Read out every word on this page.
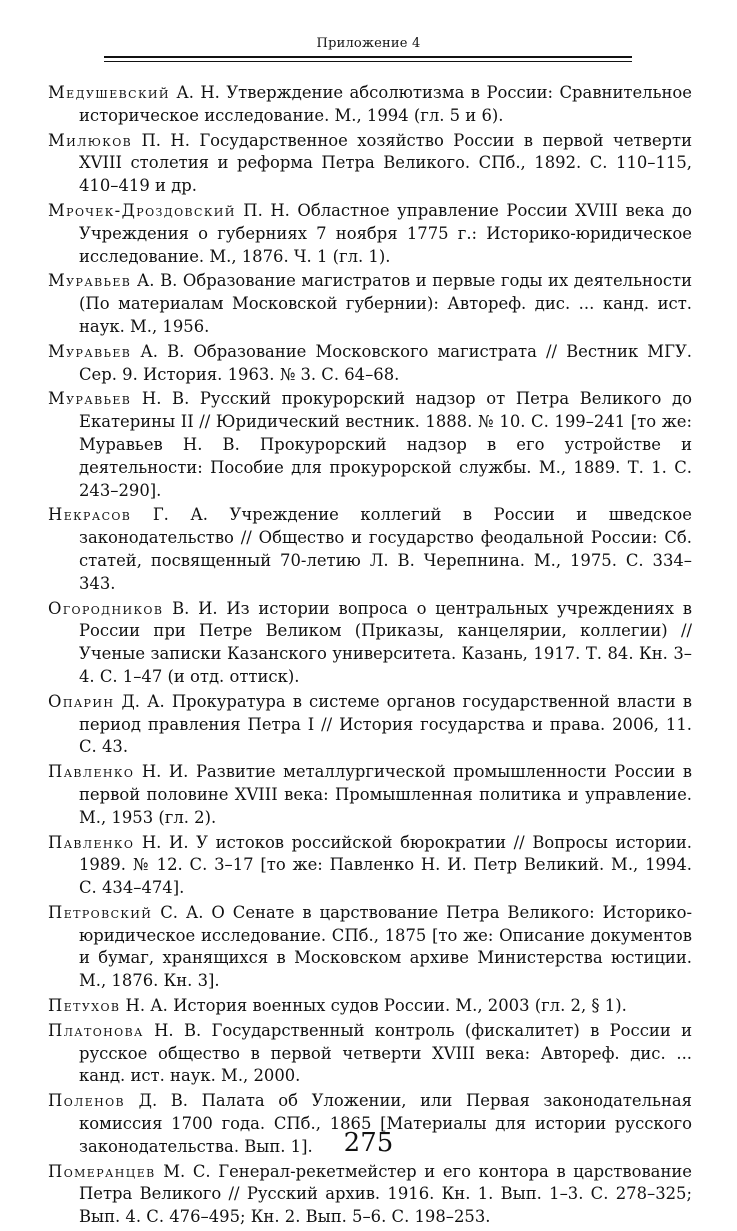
Приложение 4
Медушевский А. Н. Утверждение абсолютизма в России: Сравнительное историческое исследование. М., 1994 (гл. 5 и 6).
Милюков П. Н. Государственное хозяйство России в первой четверти XVIII столетия и реформа Петра Великого. СПб., 1892. С. 110–115, 410–419 и др.
Мрочек-Дроздовский П. Н. Областное управление России XVIII века до Учреждения о губерниях 7 ноября 1775 г.: Историко-юридическое исследование. М., 1876. Ч. 1 (гл. 1).
Муравьев А. В. Образование магистратов и первые годы их деятельности (По материалам Московской губернии): Автореф. дис. ... канд. ист. наук. М., 1956.
Муравьев А. В. Образование Московского магистрата // Вестник МГУ. Сер. 9. История. 1963. № 3. С. 64–68.
Муравьев Н. В. Русский прокурорский надзор от Петра Великого до Екатерины II // Юридический вестник. 1888. № 10. С. 199–241 [то же: Муравьев Н. В. Прокурорский надзор в его устройстве и деятельности: Пособие для прокурорской службы. М., 1889. Т. 1. С. 243–290].
Некрасов Г. А. Учреждение коллегий в России и шведское законодательство // Общество и государство феодальной России: Сб. статей, посвященный 70-летию Л. В. Черепнина. М., 1975. С. 334–343.
Огородников В. И. Из истории вопроса о центральных учреждениях в России при Петре Великом (Приказы, канцелярии, коллегии) // Ученые записки Казанского университета. Казань, 1917. Т. 84. Кн. 3–4. С. 1–47 (и отд. оттиск).
Опарин Д. А. Прокуратура в системе органов государственной власти в период правления Петра I // История государства и права. 2006, 11. С. 43.
Павленко Н. И. Развитие металлургической промышленности России в первой половине XVIII века: Промышленная политика и управление. М., 1953 (гл. 2).
Павленко Н. И. У истоков российской бюрократии // Вопросы истории. 1989. № 12. С. 3–17 [то же: Павленко Н. И. Петр Великий. М., 1994. С. 434–474].
Петровский С. А. О Сенате в царствование Петра Великого: Историко-юридическое исследование. СПб., 1875 [то же: Описание документов и бумаг, хранящихся в Московском архиве Министерства юстиции. М., 1876. Кн. 3].
Петухов Н. А. История военных судов России. М., 2003 (гл. 2, § 1).
Платонова Н. В. Государственный контроль (фискалитет) в России и русское общество в первой четверти XVIII века: Автореф. дис. ... канд. ист. наук. М., 2000.
Поленов Д. В. Палата об Уложении, или Первая законодательная комиссия 1700 года. СПб., 1865 [Материалы для истории русского законодательства. Вып. 1].
Померанцев М. С. Генерал-рекетмейстер и его контора в царствование Петра Великого // Русский архив. 1916. Кн. 1. Вып. 1–3. С. 278–325; Вып. 4. С. 476–495; Кн. 2. Вып. 5–6. С. 198–253.
275
